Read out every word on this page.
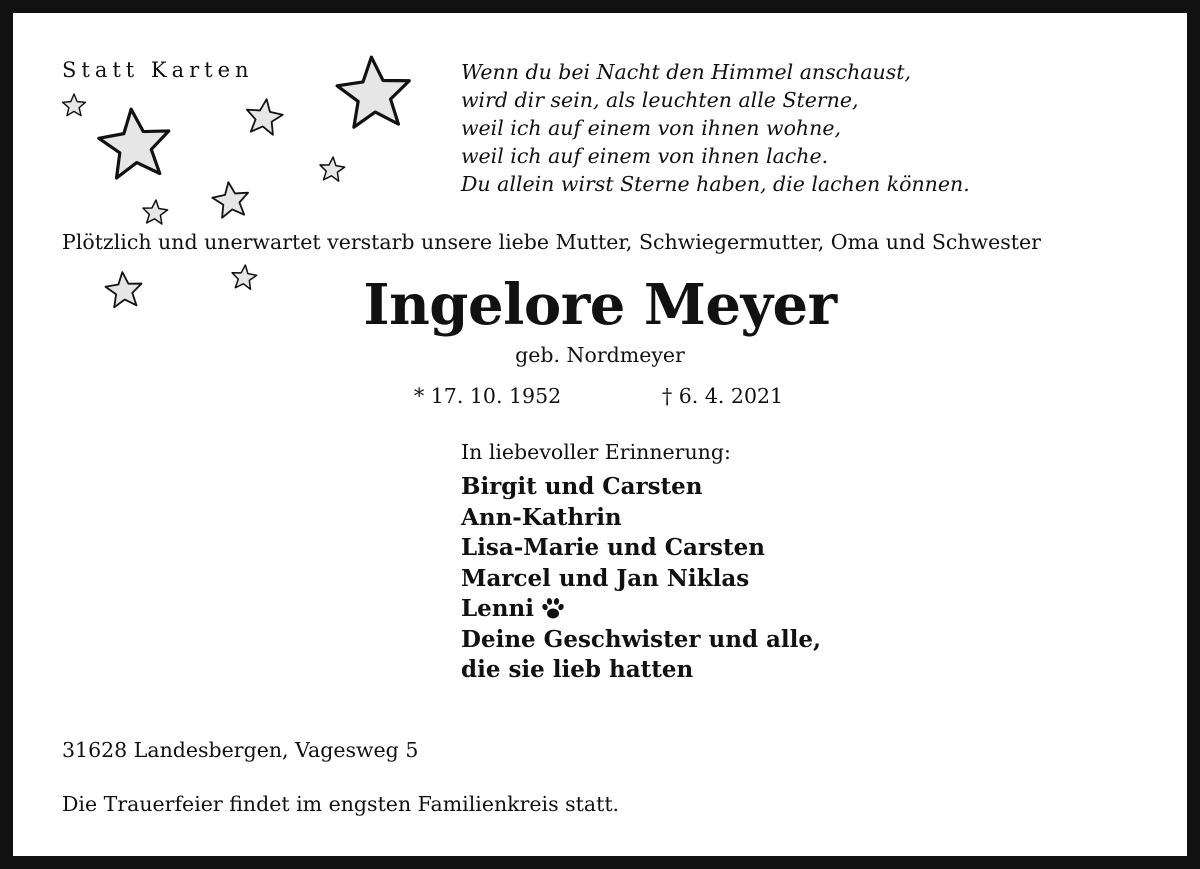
Statt Karten	Wenn du bei Nacht den Himmel anschaust,
wird dir sein, als leuchten alle Sterne,
weil ich auf einem von ihnen wohne,
weil ich auf einem von ihnen lache.
Du allein wirst Sterne haben, die lachen können.
Plötzlich und unerwartet verstarb unsere liebe Mutter, Schwiegermutter, Oma und Schwester
Ingelore Meyer
geb. Nordmeyer
* 17. 10. 1952	† 6. 4. 2021
In liebevoller Erinnerung:
Birgit und Carsten
Ann-Kathrin
Lisa-Marie und Carsten
Marcel und Jan Niklas
Lenni
Deine Geschwister und alle,
die sie lieb hatten
31628 Landesbergen, Vagesweg 5
Die Trauerfeier findet im engsten Familienkreis statt.
